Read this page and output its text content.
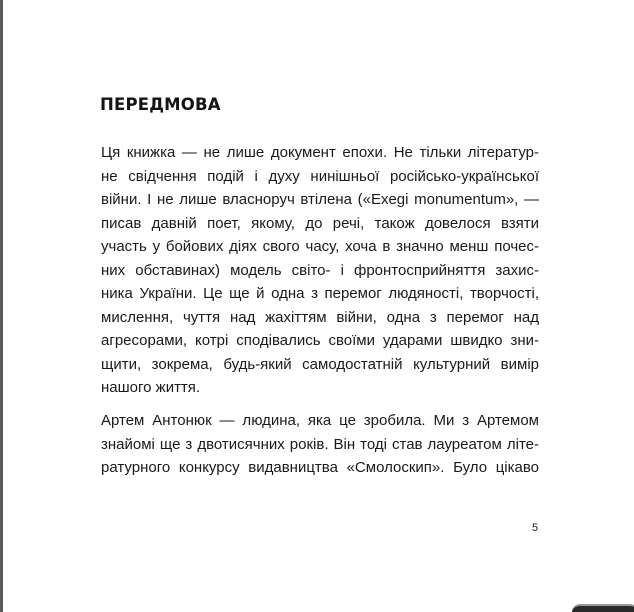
ПЕРЕДМОВА
Ця книжка — не лише документ епохи. Не тільки літератур-
не свідчення подій і духу нинішньої російсько-української
війни. І не лише власноруч втілена («Exegi monumentum», —
писав давній поет, якому, до речі, також довелося взяти
участь у бойових діях свого часу, хоча в значно менш почес-
них обставинах) модель світо- і фронтосприйняття захис-
ника України. Це ще й одна з перемог людяності, творчості,
мислення, чуття над жахіттям війни, одна з перемог над
агресорами, котрі сподівались своїми ударами швидко зни-
щити, зокрема, будь-який самодостатній культурний вимір
нашого життя.
Артем Антонюк — людина, яка це зробила. Ми з Артемом
знайомі ще з двотисячних років. Він тоді став лауреатом літе-
ратурного конкурсу видавництва «Смолоскип». Було цікаво
5
